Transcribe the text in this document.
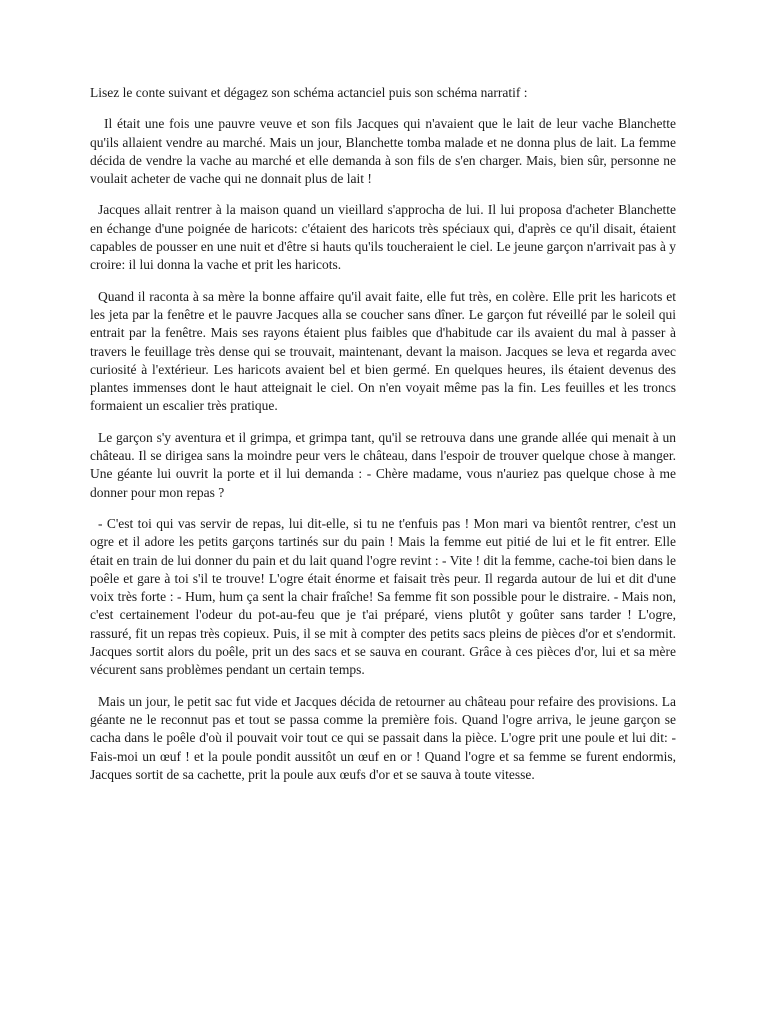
Lisez le conte suivant et dégagez son schéma actanciel puis son schéma narratif :

Il était une fois une pauvre veuve et son fils Jacques qui n'avaient que le lait de leur vache Blanchette qu'ils allaient vendre au marché. Mais un jour, Blanchette tomba malade et ne donna plus de lait. La femme décida de vendre la vache au marché et elle demanda à son fils de s'en charger. Mais, bien sûr, personne ne voulait acheter de vache qui ne donnait plus de lait !

Jacques allait rentrer à la maison quand un vieillard s'approcha de lui. Il lui proposa d'acheter Blanchette en échange d'une poignée de haricots: c'étaient des haricots très spéciaux qui, d'après ce qu'il disait, étaient capables de pousser en une nuit et d'être si hauts qu'ils toucheraient le ciel. Le jeune garçon n'arrivait pas à y croire: il lui donna la vache et prit les haricots.

Quand il raconta à sa mère la bonne affaire qu'il avait faite, elle fut très, en colère. Elle prit les haricots et les jeta par la fenêtre et le pauvre Jacques alla se coucher sans dîner. Le garçon fut réveillé par le soleil qui entrait par la fenêtre. Mais ses rayons étaient plus faibles que d'habitude car ils avaient du mal à passer à travers le feuillage très dense qui se trouvait, maintenant, devant la maison. Jacques se leva et regarda avec curiosité à l'extérieur. Les haricots avaient bel et bien germé. En quelques heures, ils étaient devenus des plantes immenses dont le haut atteignait le ciel. On n'en voyait même pas la fin. Les feuilles et les troncs formaient un escalier très pratique.

Le garçon s'y aventura et il grimpa, et grimpa tant, qu'il se retrouva dans une grande allée qui menait à un château. Il se dirigea sans la moindre peur vers le château, dans l'espoir de trouver quelque chose à manger. Une géante lui ouvrit la porte et il lui demanda : - Chère madame, vous n'auriez pas quelque chose à me donner pour mon repas ?

- C'est toi qui vas servir de repas, lui dit-elle, si tu ne t'enfuis pas ! Mon mari va bientôt rentrer, c'est un ogre et il adore les petits garçons tartinés sur du pain ! Mais la femme eut pitié de lui et le fit entrer. Elle était en train de lui donner du pain et du lait quand l'ogre revint : - Vite ! dit la femme, cache-toi bien dans le poêle et gare à toi s'il te trouve! L'ogre était énorme et faisait très peur. Il regarda autour de lui et dit d'une voix très forte : - Hum, hum ça sent la chair fraîche! Sa femme fit son possible pour le distraire. - Mais non, c'est certainement l'odeur du pot-au-feu que je t'ai préparé, viens plutôt y goûter sans tarder ! L'ogre, rassuré, fit un repas très copieux. Puis, il se mit à compter des petits sacs pleins de pièces d'or et s'endormit. Jacques sortit alors du poêle, prit un des sacs et se sauva en courant. Grâce à ces pièces d'or, lui et sa mère vécurent sans problèmes pendant un certain temps.

Mais un jour, le petit sac fut vide et Jacques décida de retourner au château pour refaire des provisions. La géante ne le reconnut pas et tout se passa comme la première fois. Quand l'ogre arriva, le jeune garçon se cacha dans le poêle d'où il pouvait voir tout ce qui se passait dans la pièce. L'ogre prit une poule et lui dit: - Fais-moi un œuf ! et la poule pondit aussitôt un œuf en or ! Quand l'ogre et sa femme se furent endormis, Jacques sortit de sa cachette, prit la poule aux œufs d'or et se sauva à toute vitesse.
